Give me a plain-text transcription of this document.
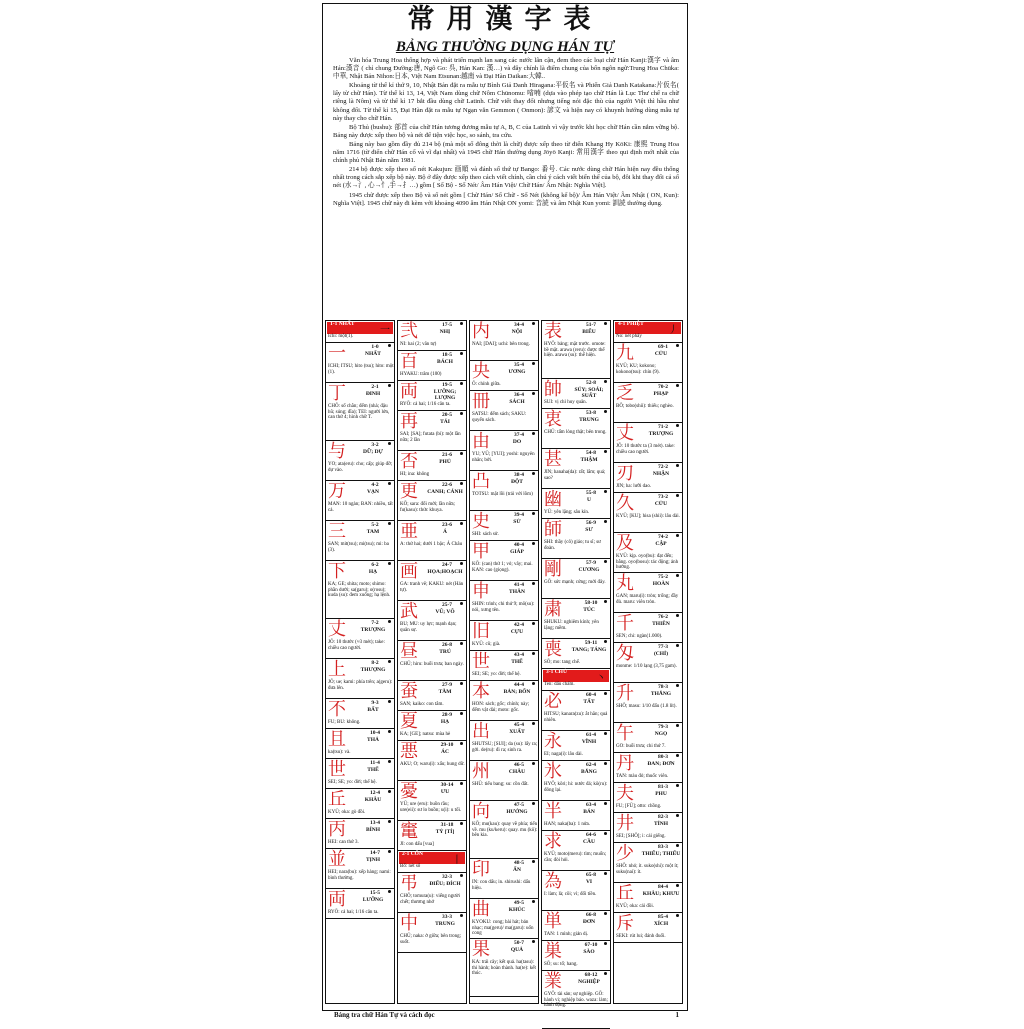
常用漢字表
BẢNG THƯỜNG DỤNG HÁN TỰ

Văn hóa Trung Hoa thống hợp và phát triển mạnh lan sang các nước lân cận, đem theo các loại chữ Hán Kanji:漢字 và âm Hán:漢音 ( chỉ chung Đường:唐, Ngô Go: 呉, Hán Kan: 漢…) và đây chính là điểm chung của bốn ngôn ngữ:Trung Hoa Chūka: 中華, Nhật Bản Nihon:日本, Việt Nam Etsunan:越南 và Đại Hàn Daikan:大韓..

Khoảng từ thế kỉ thứ 9, 10, Nhật Bản đặt ra mẫu tự Bình Giả Danh Hiragana:平仮名 và Phiến Giả Danh Katakana:片仮名( lấy từ chữ Hán). Từ thế kỉ 13, 14, Việt Nam dùng chữ Nôm Chūnomu: 㗂喃 (dựa vào phép tạo chữ Hán là Lục Thư chế ra chữ riêng là Nôm) và từ thế kỉ 17 bắt đầu dùng chữ Latinh. Chữ viết thay đổi nhưng tiếng nói đặc thù của người Việt thì hầu như không đổi. Từ thế kỉ 15, Đại Hàn đặt ra mẫu tự Ngạn văn Gemmon ( Onmon): 諺文 và hiện nay có khuynh hướng dùng mẫu tự này thay cho chữ Hán.

Bộ Thủ (bushu): 部首 của chữ Hán tương đương mẫu tự A, B, C của Latinh vì vậy trước khi học chữ Hán cần nắm vững bộ. Bảng này được xếp theo bộ và nét để tiện việc học, so sánh, tra cứu.

Bảng này bao gồm đầy đủ 214 bộ (mà một số đông thời là chữ) được xếp theo từ điển Khang Hy KōKi: 康熙 Trung Hoa năm 1716 (từ điển chữ Hán cổ và vĩ đại nhất) và 1945 chữ Hán thường dụng Jōyō Kanji: 常用漢字 theo qui định mới nhất của chính phủ Nhật Bản năm 1981.

214 bộ được xếp theo số nét Kakujun: 画順 và đánh số thứ tự Bango: 番号. Các nước dùng chữ Hán hiện nay đều thống nhất trong cách sắp xếp bộ này. Bộ ở đây được xếp theo cách viết chính, cần chú ý cách viết biến thể của bộ, đôi khi thay đổi cả số nét (水→氵, 心→忄,手→扌…) gồm [ Số Bộ - Số Nét/ Âm Hán Việt/ Chữ Hán/ Âm Nhật: Nghĩa Việt].

1945 chữ được xếp theo Bộ và số nét gồm [ Chữ Hán/ Số Chữ - Số Nét (không kể bộ)/ Âm Hán Việt/ Âm Nhật ( ON, Kun): Nghĩa Việt]. 1945 chữ này đi kèm với khoảng 4090 âm Hán Nhật ON yomi: 音読 và âm Nhật Kun yomi: 訓読 thường dụng.

1-1 NHẤT
一
Ichi: một(1).
一	1-0
NHẤT
ICHI; ITSU; hito (tsu); hito: một (1).
丁	2-1
ĐINH
CHŌ: số chẵn; đếm (nhà; đậu hũ; súng; đĩa); TEI: người lớn, can thứ 4; hình chữ T.
与	3-2
DỮ; DỰ
YO; ata(eru): cho; cấp; giúp đỡ; dự vào.
万	4-2
VẠN
MAN: 10 ngàn; BAN: nhiều, tất cả.
三	5-2
TAM
SAN; mit(tsu); mi(tsu); mi: ba (3).
下	6-2
HẠ
KA; GE; shita; moto; shimo: phần dưới; sa(garu); o(rosu); kuda (su): đem xuống; hạ lệnh.
丈	7-2
TRƯỢNG
JŌ: 10 thước (≈3 mét); take: chiều cao người.
上	8-2
THƯỢNG
JŌ; ue; kami: phía trên; a(geru): đưa lên.
不	9-3
BẤT
FU; BU: không.
且	10-4
THẢ
ka(tsu): và.
世	11-4
THẾ
SEI; SE; yo: đời; thế hệ.
丘	12-4
KHÂU
KYŪ; oka: gò đồi.
丙	13-4
BÍNH
HEI: can thứ 3.
並	14-7
TỊNH
HEI; nara(bu): xếp hàng; nami: bình thường.
両	15-5
LƯỠNG
RYŌ: cả hai; 1/16 cân ta.
弐	17-5
NHỊ
NI: hai (2; văn tự)
百	18-5
BÁCH
HYAKU: trăm (100)
両	19-5
LƯỠNG; LƯỢNG
RYŌ: cả hai; 1/16 cân ta.
再	20-5
TÁI
SAI; [SA]; futata (bi): một lần nữa; 2 lần
否	21-6
PHỦ
HI; ina: không
更	22-6
CANH; CÁNH
KŌ; sara: đổi mới; lần nữa; fu(kasu): thức khuya.
亜	23-6
Á
A: thứ hai; dưới 1 bậc; Á Châu
画	24-7
HỌA;HOẠCH
GA: tranh vẽ; KAKU: nét (Hán tự).
武	25-7
VŨ; VÕ
BU; MU: uy lực; mạnh dạn; quân sự.
昼	26-8
TRÚ
CHŪ; hiru: buổi trưa; ban ngày.
蚕	27-9
TẰM
SAN; kaiko: con tằm.
夏	28-9
HẠ
KA; [GE]; natsu: mùa hè
悪	29-10
ÁC
AKU; O; waru(i): xấu; hung dữ.
憂	30-14
ƯU
YŪ; ure (eru): buồn rầu; ure(eii): sư lo buồn; u(i): u tối.
竃	31-18
TỶ [TÍ]
JI: con dấu [vua]
2-1 CỔN
丨
Bổ: nét sổ
弔	32-3
ĐIẾU; ĐÍCH
CHŌ; tomura(u): viếng người chết; thương nhớ
中	33-3
TRUNG
CHŪ; naka: ở giữa; bên trong; suốt.
内	34-4
NỘI
NAI; [DAI]; uchi: bên trong.
央	35-4
ƯƠNG
Ō: chính giữa.
冊	36-4
SÁCH
SATSU: đếm sách; SAKU: quyển sách.
由	37-4
DO
YU; YŪ; [YUI]; yoshi: nguyên nhân; bởi.
凸	38-4
ĐỘT
TOTSU: mặt lồi (trái với lõm)
史	39-4
SỬ
SHI: sách sử.
甲	40-4
GIÁP
KŌ: (can) thứ 1; vỏ; vây; mai. KAN: cao (giọng).
申	41-4
THÂN
SHIN: trình; chi thứ 9; mō(su): nói, xưng tên.
旧	42-4
CỰU
KYŪ: cũ; già.
世	43-4
THẾ
SEI; SE; yo: đời; thế hệ.
本	44-4
BẢN; BỔN
HON: sách; gốc; chính; này; đếm vật dài; moto: gốc.
出	45-4
XUẤT
SHUTSU; [SUI]; da (su): lấy ra; gởi. de(ru): đi ra; sinh ra.
州	46-5
CHÂU
SHŪ: tiểu bang; su: cồn đất.
向	47-5
HƯỚNG
KŌ; mu(kau): quay về phía; tiến về. mu (ku/keru): quay. mu (kō): bên kia.
印	48-5
ẤN
IN: con dấu; in. shirushi: dấu hiệu.
曲	49-5
KHÚC
KYOKU: cong; bài hát; bản nhạc; ma(geru)/ ma(garu): uốn cong
果	50-7
QUẢ
KA: trái cây; kết quả. ha(tasu): thi hành; hoàn thành. ha(te): kết thúc.
表	51-7
BIỂU
HYŌ: bảng; mặt trước. omote: bề mặt. arawa (reru): được thể hiện. arawa (su): thể hiện.
帥	52-8
SÚY; SOÁI; SUẤT
SUI: vị chỉ huy quân.
衷	53-8
TRUNG
CHŪ: tấm lòng thật; bên trong.
甚	54-8
THẬM
JIN; hanaha(da): rất; lắm; quá; sao?
幽	55-8
U
YŪ: yên lặng; sâu kín.
師	56-9
SƯ
SHI: thầy (cô) giáo; tu sĩ; sư đoàn.
剛	57-9
CƯƠNG
GŌ: sức mạnh; cứng; mới đây.
粛	58-10
TÚC
SHUKU: nghiêm kính; yên lặng; mềm.
喪	59-11
TANG; TÁNG
SŌ; mo: tang chế.
3-1 CHỦ
丶
Ten: dấu chấm.
必	60-4
TẤT
HITSU; kanara(zu): ắt hẳn; quả nhiên.
永	61-4
VĨNH
EI; naga(i): lâu dài.
氷	62-4
BĂNG
HYŌ; kōri; hi: nước đá; kō(ru): đông lại.
半	63-4
BÁN
HAN; naka(ba): 1 nửa.
求	64-6
CẦU
KYŪ; moto(meru): tìm; muốn; cần; đòi hỏi.
為	65-8
VI
I: làm; là; cõi; vì; đối tiền.
単	66-8
ĐƠN
TAN: 1 mình; giản dị.
巣	67-10
SÀO
SŌ; su: tổ; hang.
業	68-12
NGHIỆP
GYŌ: tài sản; sự nghiệp. GŌ: hành vi; nghiệp báo. waza: làm; hành động.
4-1 PHIỆT
丿
No: nét phẩy
九	69-1
CỬU
KYŪ; KU; kokono; kokono(tsu): chín (9).
乏	70-2
PHẠP
BŌ; tobo(shii): thiếu; nghèo.
丈	71-2
TRƯỢNG
JŌ: 10 thước ta (3 mét). take: chiều cao người.
刃	72-2
NHẬN
JIN; ha: lưỡi dao.
久	73-2
CỬU
KYŪ; [KU]; hisa (shii): lâu dài.
及	74-2
CẬP
KYŪ: kịp. oyo(bu): đạt đến; bằng. oyo(bosu): tác động; ảnh hưởng.
丸	75-2
HOÀN
GAN; maru(i): tròn; trống; đầy đủ. maru: viên tròn.
千	76-2
THIÊN
SEN; chi: ngàn(1.000).
匁	77-3
(CHỈ)
monme: 1/10 lạng (3,75 gam).
升	78-3
THĂNG
SHŌ; masu: 1/10 đấu (1.8 lít).
午	79-3
NGỌ
GO: buổi trưa; chi thứ 7.
丹	80-3
ĐAN; ĐƠN
TAN: màu đỏ; thuốc viên.
夫	81-3
PHU
FU; [FŪ]; otto: chồng.
井	82-3
TỈNH
SEI; [SHŌ]; i: cái giếng.
少	83-3
THIỂU; THIẾU
SHŌ: nhỏ; ít. suko(shi): một ít; suku(nai): ít.
丘	84-4
KHÂU; KHƯU
KYŪ; oka: cái đồi.
斥	85-4
XÍCH
SEKI: rút lui; đánh đuổi.
Bảng tra chữ Hán Tự và cách đọc	1
